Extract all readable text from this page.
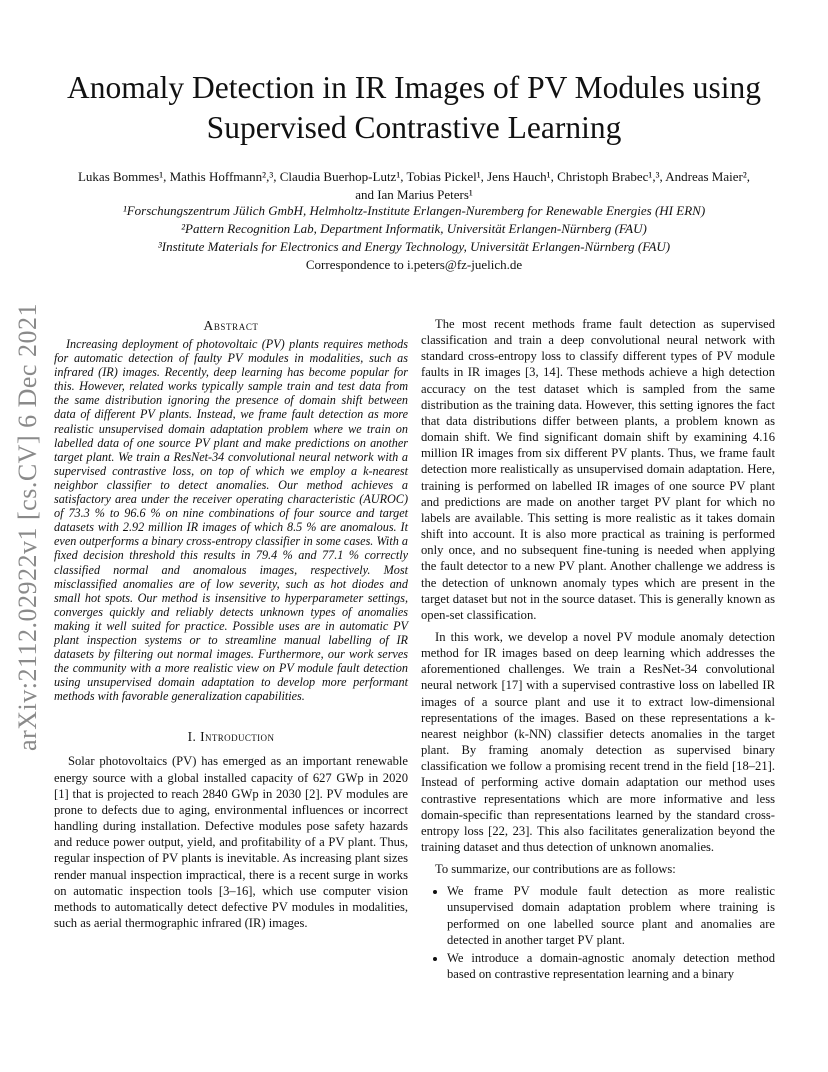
arXiv:2112.02922v1 [cs.CV] 6 Dec 2021
Anomaly Detection in IR Images of PV Modules using
Supervised Contrastive Learning
Lukas Bommes¹, Mathis Hoffmann²,³, Claudia Buerhop-Lutz¹, Tobias Pickel¹, Jens Hauch¹, Christoph Brabec¹,³, Andreas Maier²,
and Ian Marius Peters¹
¹Forschungszentrum Jülich GmbH, Helmholtz-Institute Erlangen-Nuremberg for Renewable Energies (HI ERN)
²Pattern Recognition Lab, Department Informatik, Universität Erlangen-Nürnberg (FAU)
³Institute Materials for Electronics and Energy Technology, Universität Erlangen-Nürnberg (FAU)
Correspondence to i.peters@fz-juelich.de
Abstract

Increasing deployment of photovoltaic (PV) plants requires methods for automatic detection of faulty PV modules in modalities, such as infrared (IR) images. Recently, deep learning has become popular for this. However, related works typically sample train and test data from the same distribution ignoring the presence of domain shift between data of different PV plants. Instead, we frame fault detection as more realistic unsupervised domain adaptation problem where we train on labelled data of one source PV plant and make predictions on another target plant. We train a ResNet-34 convolutional neural network with a supervised contrastive loss, on top of which we employ a k-nearest neighbor classifier to detect anomalies. Our method achieves a satisfactory area under the receiver operating characteristic (AUROC) of 73.3 % to 96.6 % on nine combinations of four source and target datasets with 2.92 million IR images of which 8.5 % are anomalous. It even outperforms a binary cross-entropy classifier in some cases. With a fixed decision threshold this results in 79.4 % and 77.1 % correctly classified normal and anomalous images, respectively. Most misclassified anomalies are of low severity, such as hot diodes and small hot spots. Our method is insensitive to hyperparameter settings, converges quickly and reliably detects unknown types of anomalies making it well suited for practice. Possible uses are in automatic PV plant inspection systems or to streamline manual labelling of IR datasets by filtering out normal images. Furthermore, our work serves the community with a more realistic view on PV module fault detection using unsupervised domain adaptation to develop more performant methods with favorable generalization capabilities.

I. Introduction

Solar photovoltaics (PV) has emerged as an important renewable energy source with a global installed capacity of 627 GWp in 2020 [1] that is projected to reach 2840 GWp in 2030 [2]. PV modules are prone to defects due to aging, environmental influences or incorrect handling during installation. Defective modules pose safety hazards and reduce power output, yield, and profitability of a PV plant. Thus, regular inspection of PV plants is inevitable. As increasing plant sizes render manual inspection impractical, there is a recent surge in works on automatic inspection tools [3–16], which use computer vision methods to automatically detect defective PV modules in modalities, such as aerial thermographic infrared (IR) images.

The most recent methods frame fault detection as supervised classification and train a deep convolutional neural network with standard cross-entropy loss to classify different types of PV module faults in IR images [3, 14]. These methods achieve a high detection accuracy on the test dataset which is sampled from the same distribution as the training data. However, this setting ignores the fact that data distributions differ between plants, a problem known as domain shift. We find significant domain shift by examining 4.16 million IR images from six different PV plants. Thus, we frame fault detection more realistically as unsupervised domain adaptation. Here, training is performed on labelled IR images of one source PV plant and predictions are made on another target PV plant for which no labels are available. This setting is more realistic as it takes domain shift into account. It is also more practical as training is performed only once, and no subsequent fine-tuning is needed when applying the fault detector to a new PV plant. Another challenge we address is the detection of unknown anomaly types which are present in the target dataset but not in the source dataset. This is generally known as open-set classification.

In this work, we develop a novel PV module anomaly detection method for IR images based on deep learning which addresses the aforementioned challenges. We train a ResNet-34 convolutional neural network [17] with a supervised contrastive loss on labelled IR images of a source plant and use it to extract low-dimensional representations of the images. Based on these representations a k-nearest neighbor (k-NN) classifier detects anomalies in the target plant. By framing anomaly detection as supervised binary classification we follow a promising recent trend in the field [18–21]. Instead of performing active domain adaptation our method uses contrastive representations which are more informative and less domain-specific than representations learned by the standard cross-entropy loss [22, 23]. This also facilitates generalization beyond the training dataset and thus detection of unknown anomalies.

To summarize, our contributions are as follows:

• We frame PV module fault detection as more realistic unsupervised domain adaptation problem where training is performed on one labelled source plant and anomalies are detected in another target PV plant.
• We introduce a domain-agnostic anomaly detection method based on contrastive representation learning and a binary
